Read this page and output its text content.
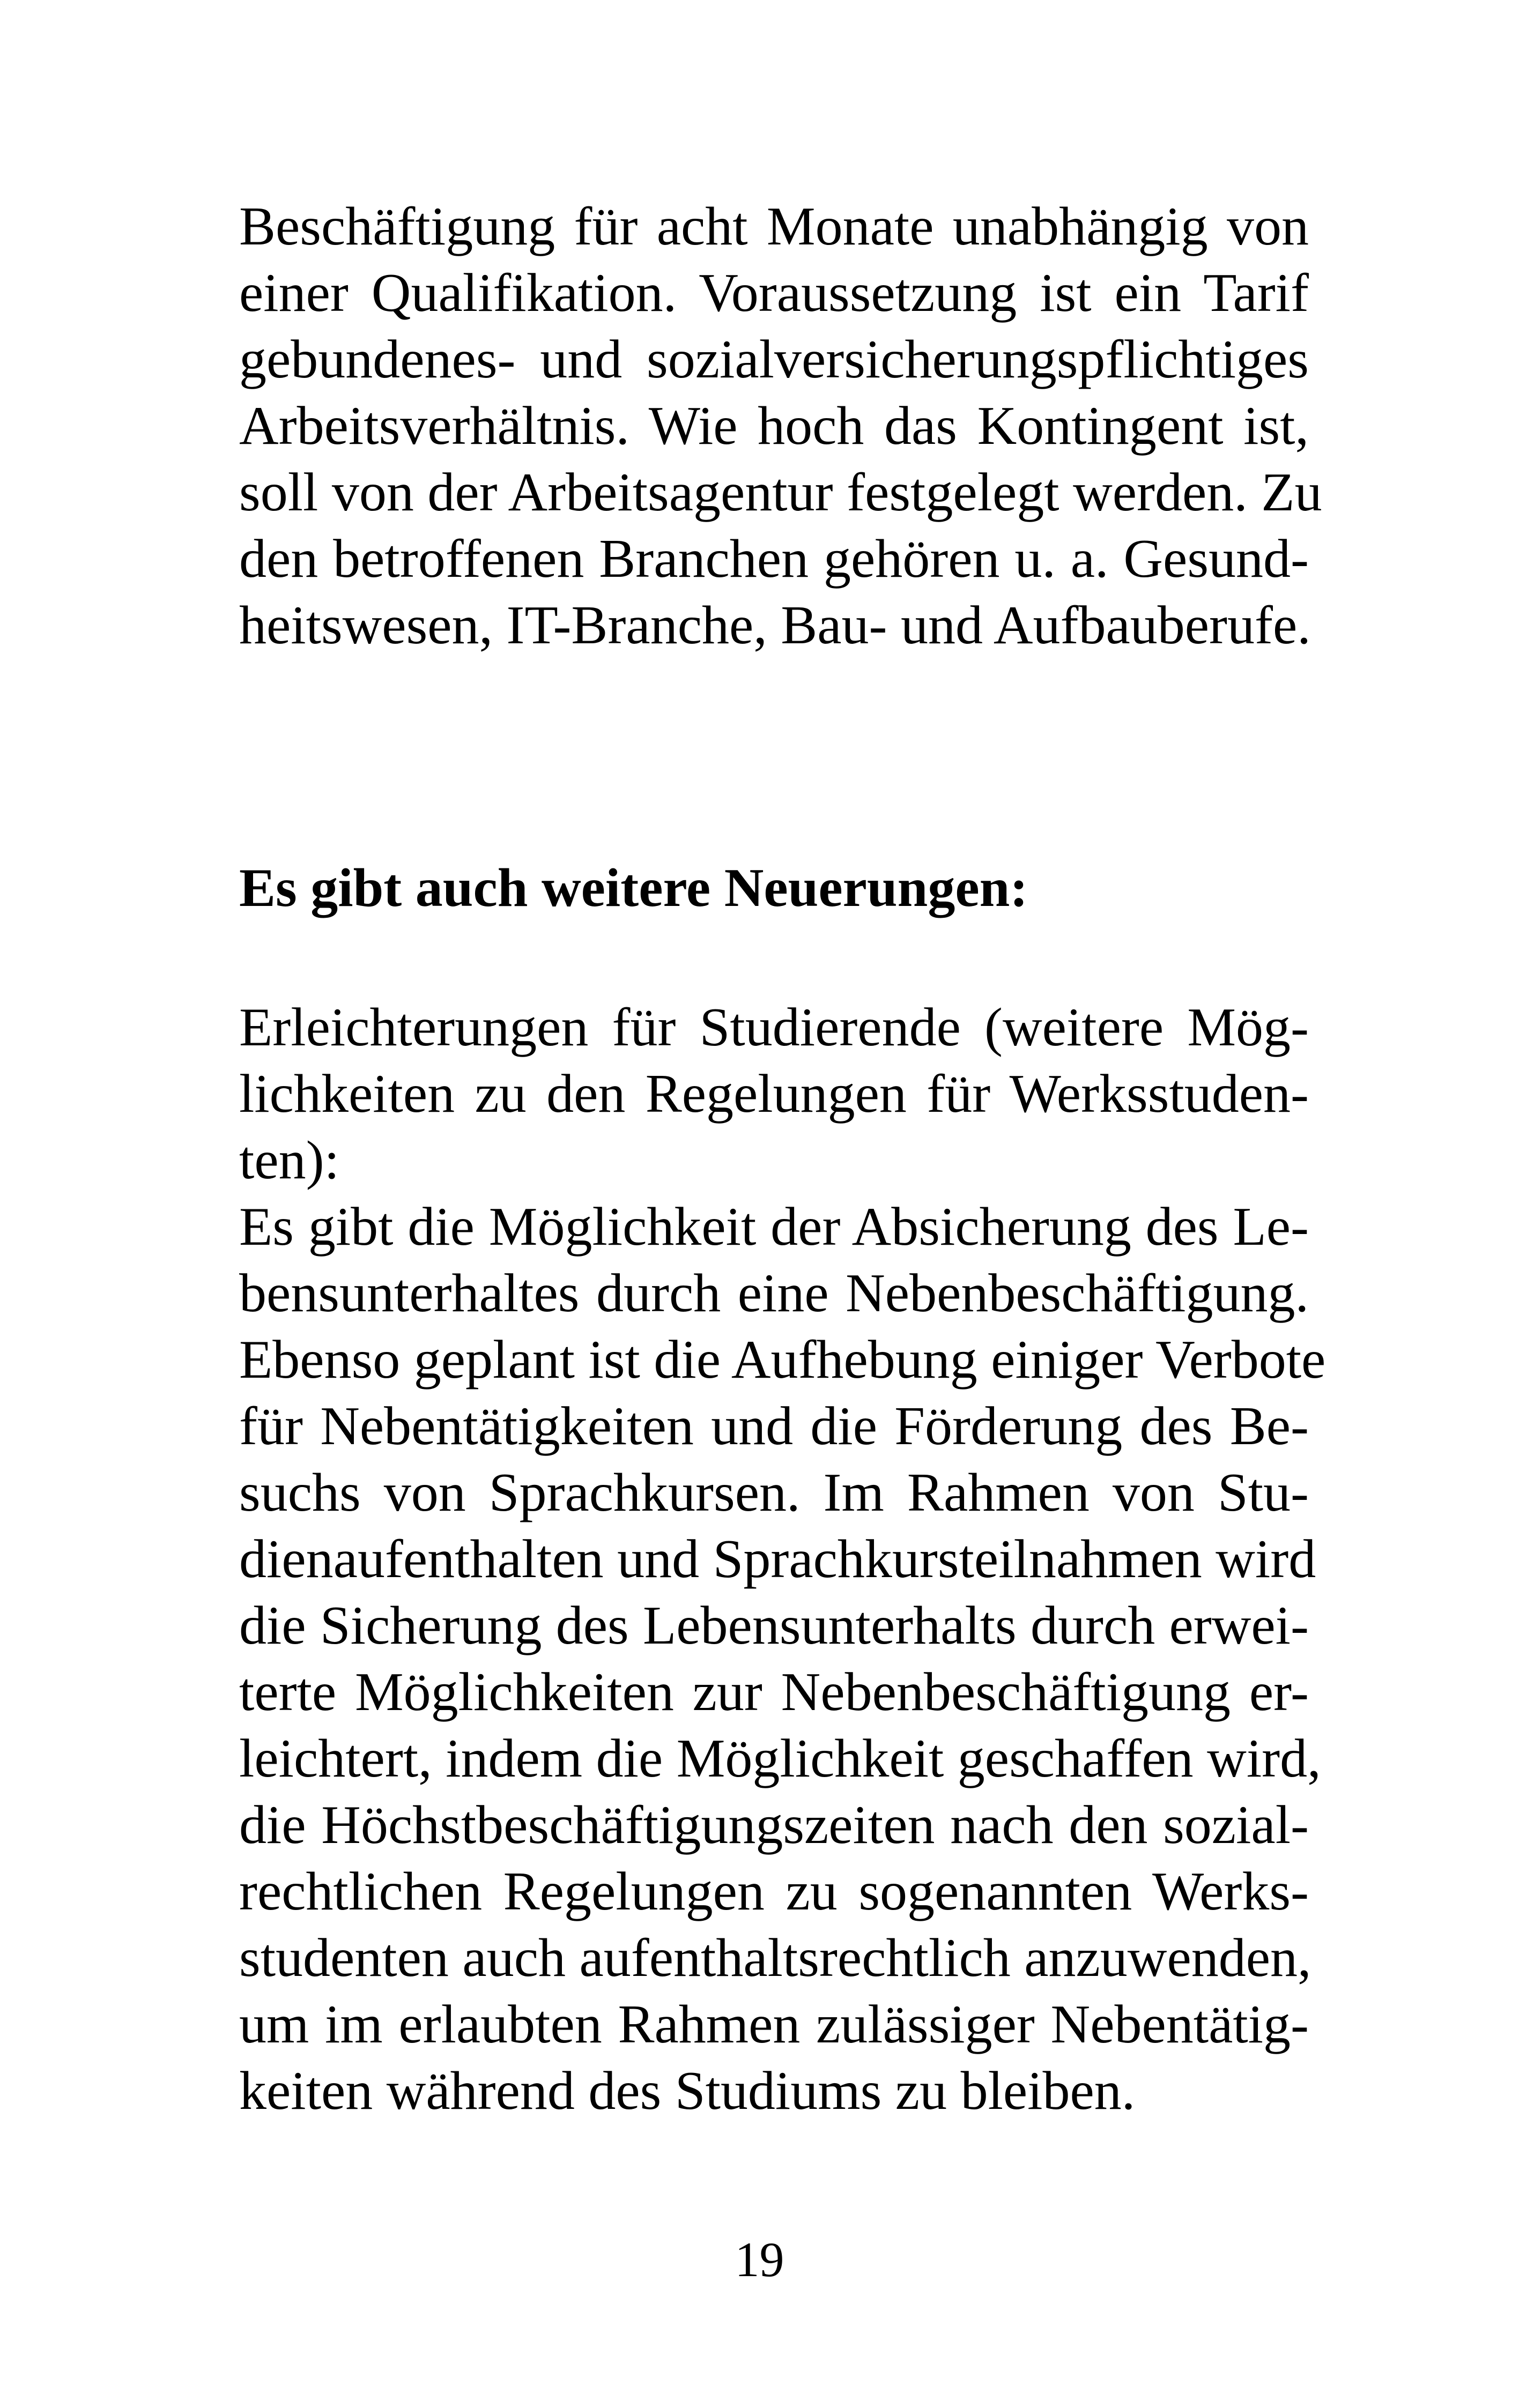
Beschäftigung für acht Monate unabhängig von
einer Qualifikation. Voraussetzung ist ein Tarif
gebundenes- und sozialversicherungspflichtiges
Arbeitsverhältnis. Wie hoch das Kontingent ist,
soll von der Arbeitsagentur festgelegt werden. Zu
den betroffenen Branchen gehören u. a. Gesund-
heitswesen, IT-Branche, Bau- und Aufbauberufe.

Es gibt auch weitere Neuerungen:

Erleichterungen für Studierende (weitere Mög-
lichkeiten zu den Regelungen für Werksstuden-
ten):

Es gibt die Möglichkeit der Absicherung des Le-
bensunterhaltes durch eine Nebenbeschäftigung.
Ebenso geplant ist die Aufhebung einiger Verbote
für Nebentätigkeiten und die Förderung des Be-
suchs von Sprachkursen. Im Rahmen von Stu-
dienaufenthalten und Sprachkursteilnahmen wird
die Sicherung des Lebensunterhalts durch erwei-
terte Möglichkeiten zur Nebenbeschäftigung er-
leichtert, indem die Möglichkeit geschaffen wird,
die Höchstbeschäftigungszeiten nach den sozial-
rechtlichen Regelungen zu sogenannten Werks-
studenten auch aufenthaltsrechtlich anzuwenden,
um im erlaubten Rahmen zulässiger Nebentätig-
keiten während des Studiums zu bleiben.

19
